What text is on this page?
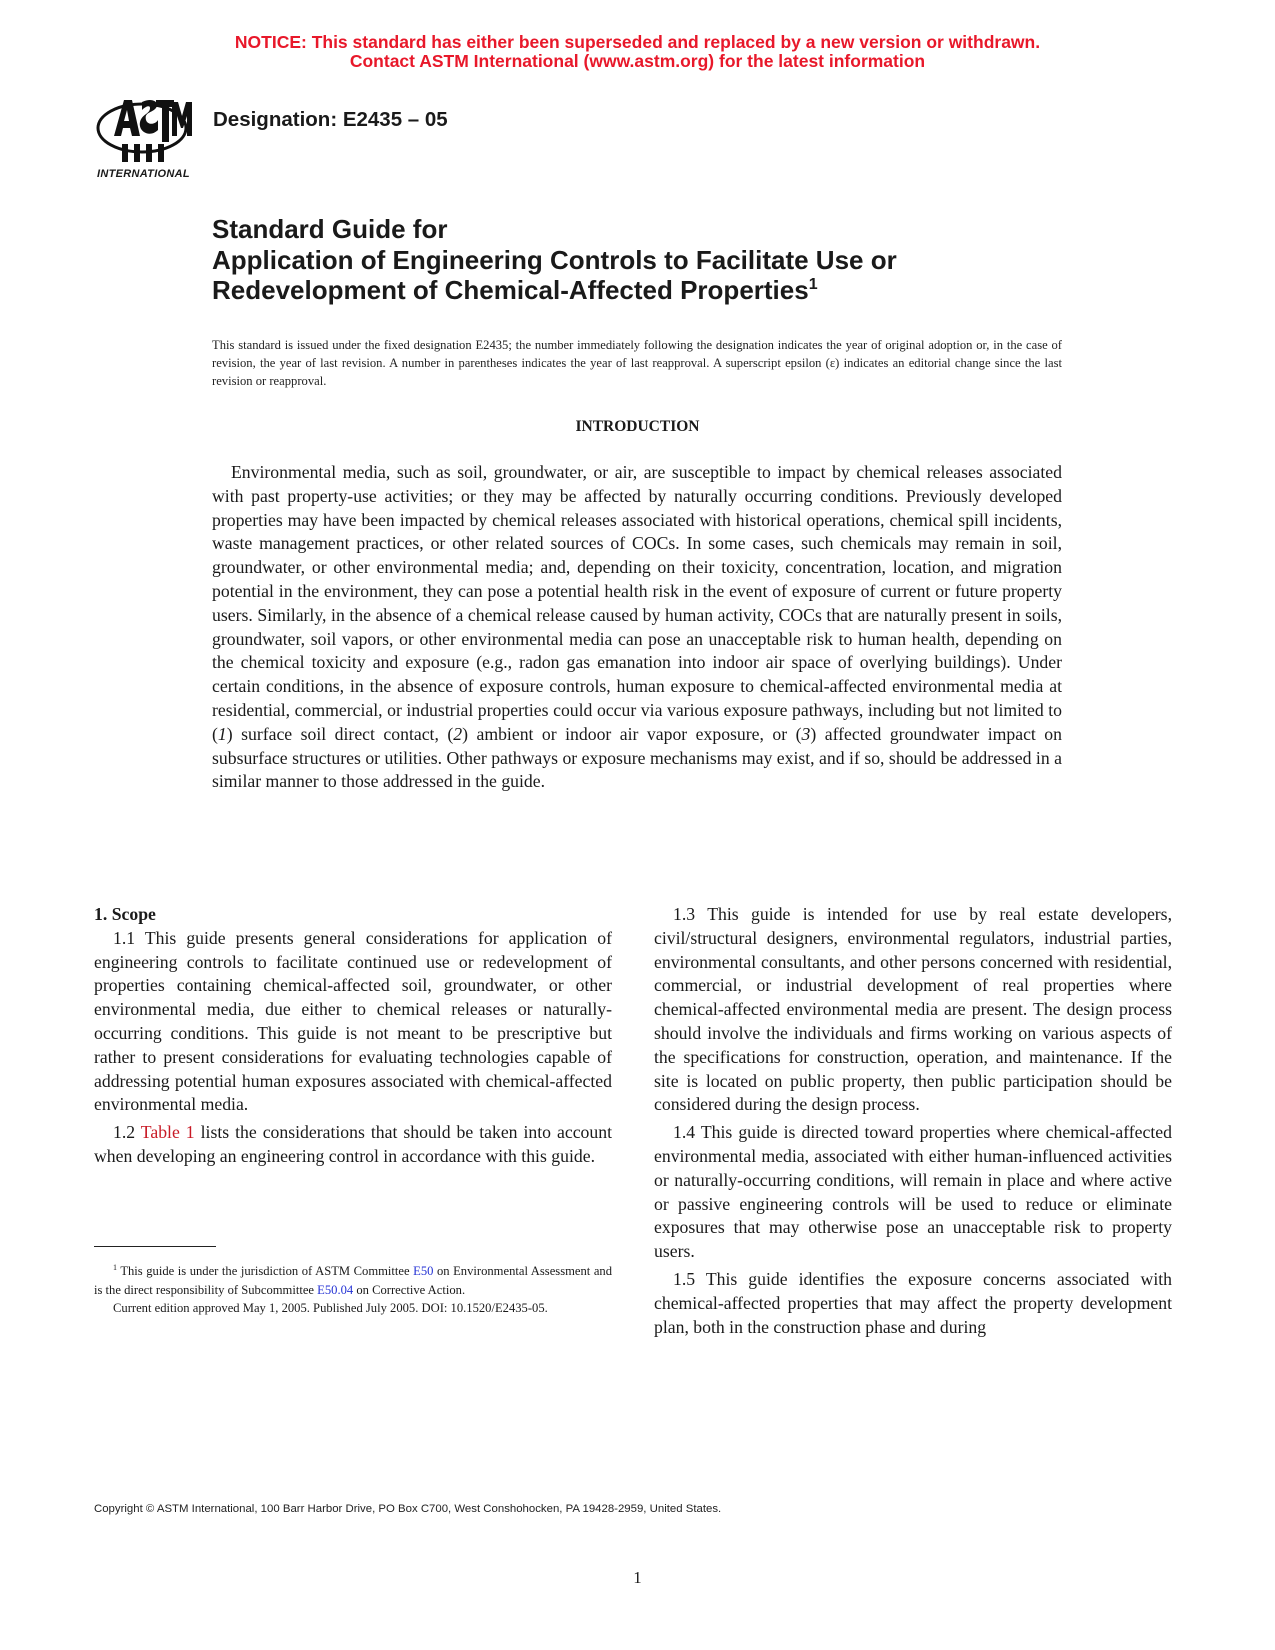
NOTICE: This standard has either been superseded and replaced by a new version or withdrawn.
Contact ASTM International (www.astm.org) for the latest information
INTERNATIONAL
Designation: E2435 – 05
Standard Guide for
Application of Engineering Controls to Facilitate Use or
Redevelopment of Chemical-Affected Properties$^1$
This standard is issued under the fixed designation E2435; the number immediately following the designation indicates the year of original adoption or, in the case of revision, the year of last revision. A number in parentheses indicates the year of last reapproval. A superscript epsilon (ε) indicates an editorial change since the last revision or reapproval.
INTRODUCTION
Environmental media, such as soil, groundwater, or air, are susceptible to impact by chemical releases associated with past property-use activities; or they may be affected by naturally occurring conditions. Previously developed properties may have been impacted by chemical releases associated with historical operations, chemical spill incidents, waste management practices, or other related sources of COCs. In some cases, such chemicals may remain in soil, groundwater, or other environmental media; and, depending on their toxicity, concentration, location, and migration potential in the environment, they can pose a potential health risk in the event of exposure of current or future property users. Similarly, in the absence of a chemical release caused by human activity, COCs that are naturally present in soils, groundwater, soil vapors, or other environmental media can pose an unacceptable risk to human health, depending on the chemical toxicity and exposure (e.g., radon gas emanation into indoor air space of overlying buildings). Under certain conditions, in the absence of exposure controls, human exposure to chemical-affected environmental media at residential, commercial, or industrial properties could occur via various exposure pathways, including but not limited to (1) surface soil direct contact, (2) ambient or indoor air vapor exposure, or (3) affected groundwater impact on subsurface structures or utilities. Other pathways or exposure mechanisms may exist, and if so, should be addressed in a similar manner to those addressed in the guide.

1. Scope

1.1 This guide presents general considerations for application of engineering controls to facilitate continued use or redevelopment of properties containing chemical-affected soil, groundwater, or other environmental media, due either to chemical releases or naturally-occurring conditions. This guide is not meant to be prescriptive but rather to present considerations for evaluating technologies capable of addressing potential human exposures associated with chemical-affected environmental media.

1.2 Table 1 lists the considerations that should be taken into account when developing an engineering control in accordance with this guide.

1.3 This guide is intended for use by real estate developers, civil/structural designers, environmental regulators, industrial parties, environmental consultants, and other persons concerned with residential, commercial, or industrial development of real properties where chemical-affected environmental media are present. The design process should involve the individuals and firms working on various aspects of the specifications for construction, operation, and maintenance. If the site is located on public property, then public participation should be considered during the design process.

1.4 This guide is directed toward properties where chemical-affected environmental media, associated with either human-influenced activities or naturally-occurring conditions, will remain in place and where active or passive engineering controls will be used to reduce or eliminate exposures that may otherwise pose an unacceptable risk to property users.

1.5 This guide identifies the exposure concerns associated with chemical-affected properties that may affect the property development plan, both in the construction phase and during

$^1$ This guide is under the jurisdiction of ASTM Committee E50 on Environmental Assessment and is the direct responsibility of Subcommittee E50.04 on Corrective Action.

Current edition approved May 1, 2005. Published July 2005. DOI: 10.1520/E2435-05.

Copyright © ASTM International, 100 Barr Harbor Drive, PO Box C700, West Conshohocken, PA 19428-2959, United States.
1
